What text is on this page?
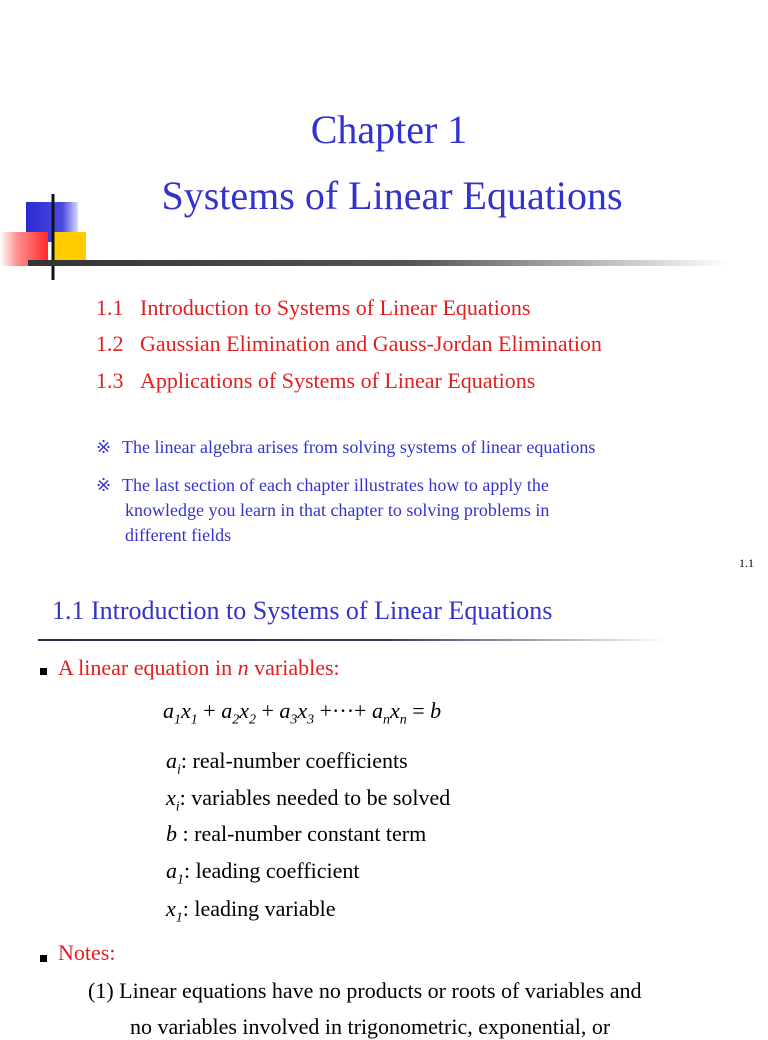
Chapter 1
Systems of Linear Equations
1.1 Introduction to Systems of Linear Equations
1.2 Gaussian Elimination and Gauss-Jordan Elimination
1.3 Applications of Systems of Linear Equations
※ The linear algebra arises from solving systems of linear equations
※ The last section of each chapter illustrates how to apply the
knowledge you learn in that chapter to solving problems in
different fields
1.1
1.1 Introduction to Systems of Linear Equations
A linear equation in n variables:
$a_1x_1 + a_2x_2 + a_3x_3$ +···+ $a_nx_n = b$
$a_i$: real-number coefficients
$x_i$: variables needed to be solved
b : real-number constant term
$a_1$: leading coefficient
$x_1$: leading variable
Notes:
(1) Linear equations have no products or roots of variables and
no variables involved in trigonometric, exponential, or
